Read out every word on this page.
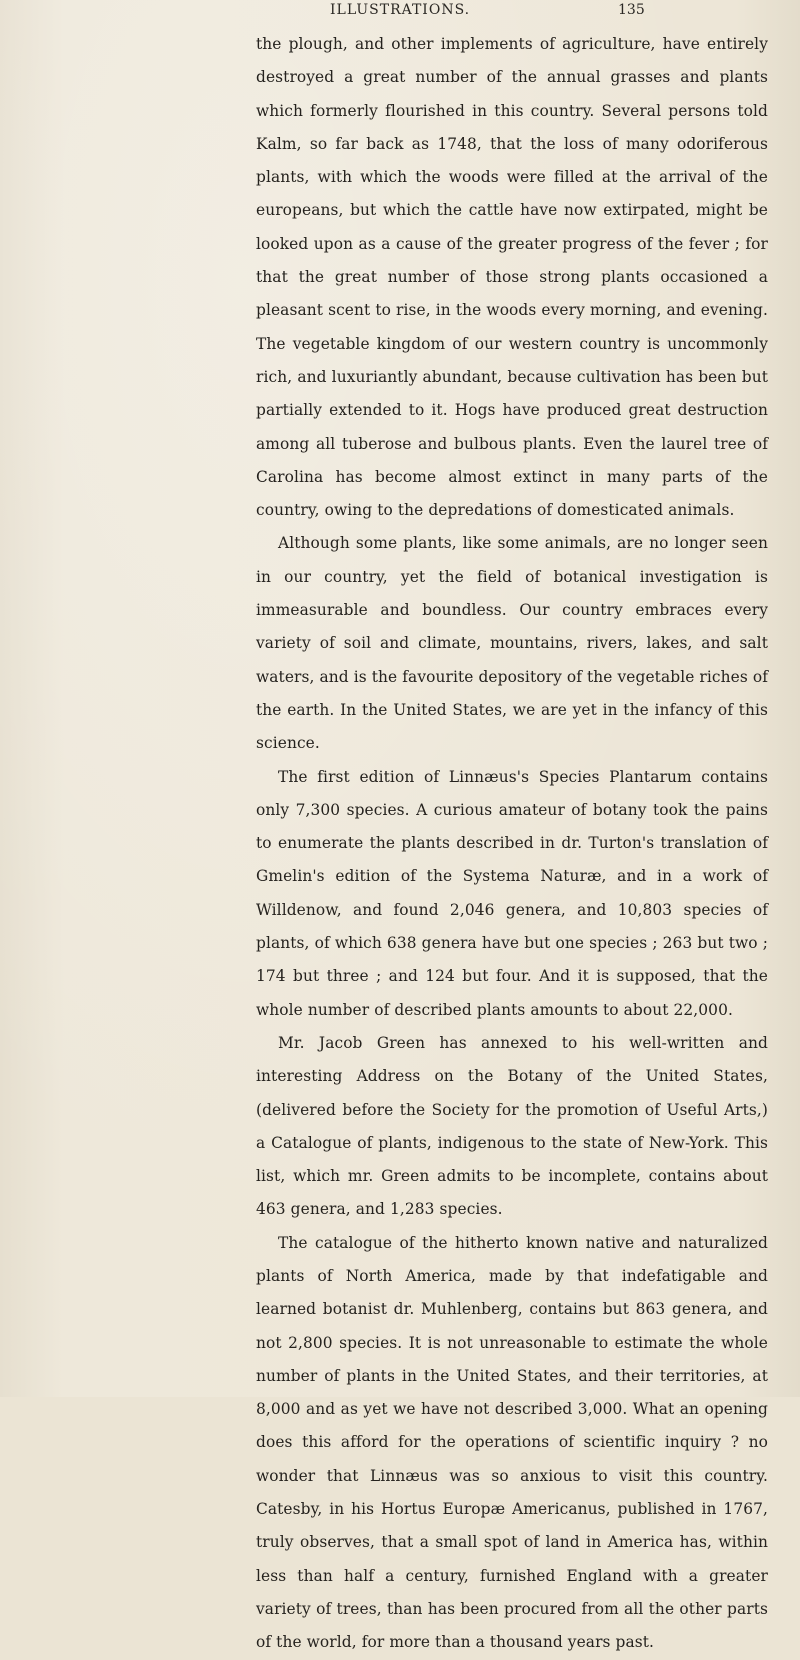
ILLUSTRATIONS.	135

the plough, and other implements of agriculture, have entirely destroyed a great number of the annual grasses and plants which formerly flourished in this country. Several persons told Kalm, so far back as 1748, that the loss of many odoriferous plants, with which the woods were filled at the arrival of the europeans, but which the cattle have now extirpated, might be looked upon as a cause of the greater progress of the fever ; for that the great number of those strong plants occasioned a pleasant scent to rise, in the woods every morning, and evening. The vegetable kingdom of our western country is uncommonly rich, and luxuriantly abundant, because cultivation has been but partially extended to it. Hogs have produced great destruction among all tuberose and bulbous plants. Even the laurel tree of Carolina has become almost extinct in many parts of the country, owing to the depredations of domesticated animals.

Although some plants, like some animals, are no longer seen in our country, yet the field of botanical investigation is immeasurable and boundless. Our country embraces every variety of soil and climate, mountains, rivers, lakes, and salt waters, and is the favourite depository of the vegetable riches of the earth. In the United States, we are yet in the infancy of this science.

The first edition of Linnæus's Species Plantarum contains only 7,300 species. A curious amateur of botany took the pains to enumerate the plants described in dr. Turton's translation of Gmelin's edition of the Systema Naturæ, and in a work of Willdenow, and found 2,046 genera, and 10,803 species of plants, of which 638 genera have but one species ; 263 but two ; 174 but three ; and 124 but four. And it is supposed, that the whole number of described plants amounts to about 22,000.

Mr. Jacob Green has annexed to his well-written and interesting Address on the Botany of the United States, (delivered before the Society for the promotion of Useful Arts,) a Catalogue of plants, indigenous to the state of New-York. This list, which mr. Green admits to be incomplete, contains about 463 genera, and 1,283 species.

The catalogue of the hitherto known native and naturalized plants of North America, made by that indefatigable and learned botanist dr. Muhlenberg, contains but 863 genera, and not 2,800 species. It is not unreasonable to estimate the whole number of plants in the United States, and their territories, at 8,000 and as yet we have not described 3,000. What an opening does this afford for the operations of scientific inquiry ? no wonder that Linnæus was so anxious to visit this country. Catesby, in his Hortus Europæ Americanus, published in 1767, truly observes, that a small spot of land in America has, within less than half a century, furnished England with a greater variety of trees, than has been procured from all the other parts of the world, for more than a thousand years past.
